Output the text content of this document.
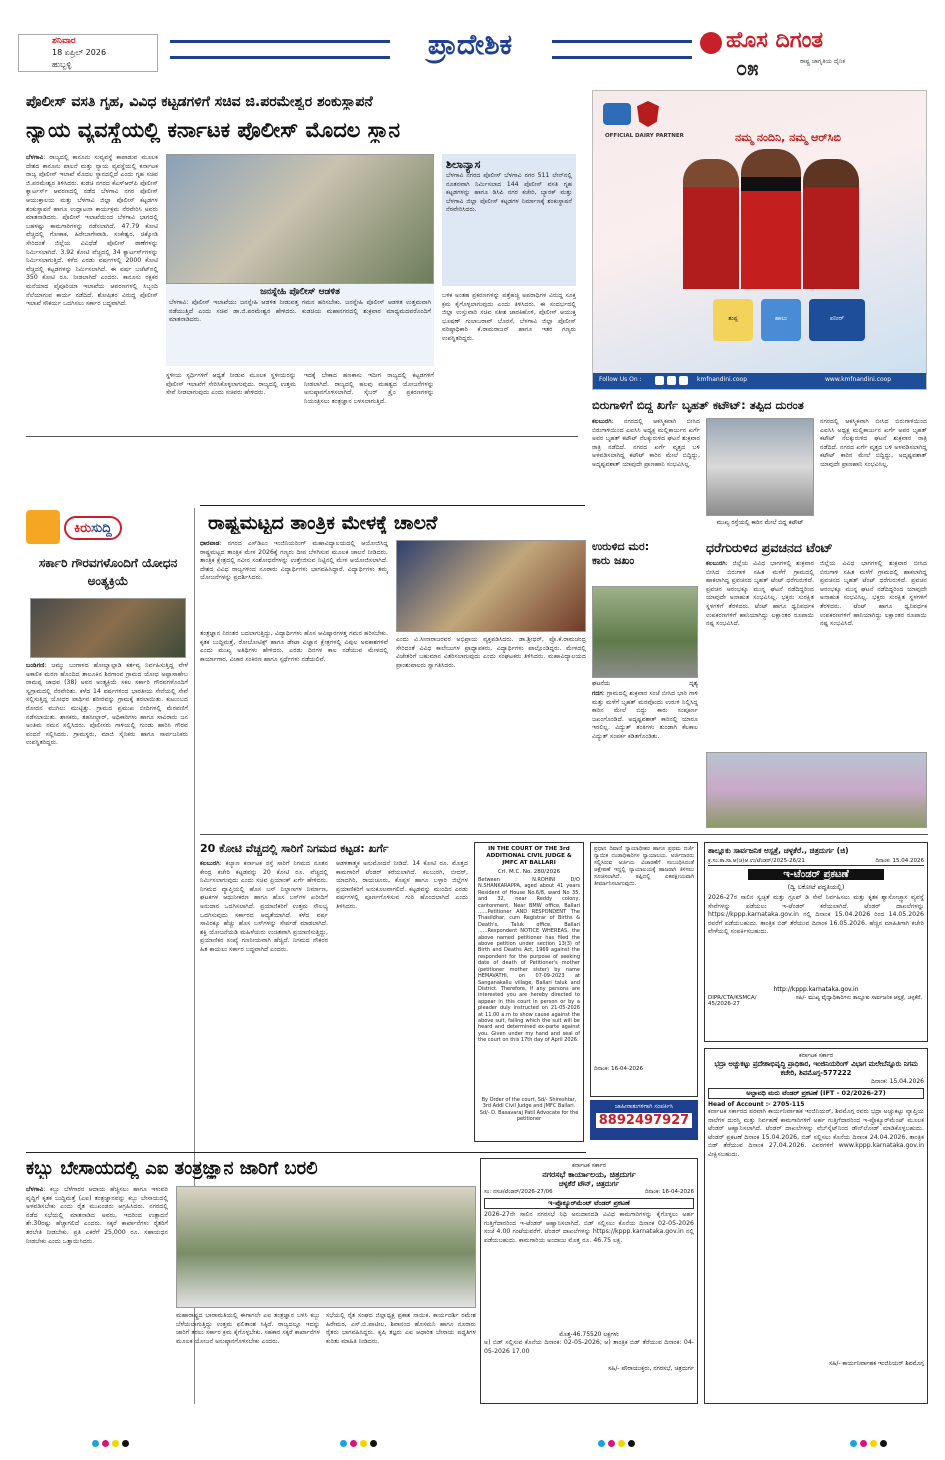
ಶನಿವಾರ
18 ಏಪ್ರಿಲ್ 2026
ಹುಬ್ಬಳ್ಳಿ
ಪ್ರಾದೇಶಿಕ	ಹೊಸ ದಿಗಂತ
ರಾಷ್ಟ್ರ ಜಾಗೃತಿಯ ದೈನಿಕ
೦೫
ಪೊಲೀಸ್ ವಸತಿ ಗೃಹ, ವಿವಿಧ ಕಟ್ಟಡಗಳಿಗೆ ಸಚಿವ ಜಿ.ಪರಮೇಶ್ವರ ಶಂಕುಸ್ಥಾಪನೆ
ನ್ಯಾಯ ವ್ಯವಸ್ಥೆಯಲ್ಲಿ ಕರ್ನಾಟಕ ಪೊಲೀಸ್ ಮೊದಲ ಸ್ಥಾನ
ಬೆಳಗಾವಿ: ರಾಜ್ಯದಲ್ಲಿ ಕಾನೂನು ಸುವ್ಯವಸ್ಥೆ ಕಾಪಾಡುವ ಮೂಲಕ ದೇಶದ ಕಾನೂನು ಪಾಲನೆ ಮತ್ತು ನ್ಯಾಯ ವ್ಯವಸ್ಥೆಯಲ್ಲಿ ಕರ್ನಾಟಕ ರಾಜ್ಯ ಪೊಲೀಸ್ ಇಲಾಖೆ ಮೊದಲ ಸ್ಥಾನದಲ್ಲಿದೆ ಎಂದು ಗೃಹ ಸಚಿವ ಜಿ.ಪರಮೇಶ್ವರ ತಿಳಿಸಿದರು. ಕುಡಚಿ ನಗರದ ಕೆಎಸ್‌ಆರ್‌ಪಿ ಪೊಲೀಸ್ ಕ್ವಾರ್ಟರ್ಸ್ ಆವರಣದಲ್ಲಿ ನಡೆದ ಬೆಳಗಾವಿ ನಗರ ಪೊಲೀಸ್ ಆಯುಕ್ತಾಲಯ ಮತ್ತು ಬೆಳಗಾವಿ ಜಿಲ್ಲಾ ಪೊಲೀಸ್ ಕಟ್ಟಡಗಳ ಶಂಕುಸ್ಥಾಪನೆ ಹಾಗೂ ಉದ್ಘಾಟನಾ ಕಾರ್ಯಕ್ರಮ ನೆರವೇರಿಸಿ ಅವರು ಮಾತನಾಡಿದರು. ಪೊಲೀಸ್ ಇಲಾಖೆಯಿಂದ ಬೆಳಗಾವಿ ಭಾಗದಲ್ಲಿ ಬಹಳಷ್ಟು ಕಾಮಗಾರಿಗಳನ್ನು ನಡೆಸಲಾಗಿದೆ. 47.79 ಕೋಟಿ ವೆಚ್ಚದಲ್ಲಿ ಗೋಕಾಕ, ಹಿರೇಬಾಗೇವಾಡಿ, ಸಂಕೇಶ್ವರ, ಚಿಕ್ಕೋಡಿ ಸೇರಿದಂತೆ ಜಿಲ್ಲೆಯ ವಿವಿಧೆಡೆ ಪೊಲೀಸ್ ಠಾಣೆಗಳನ್ನು ನಿರ್ಮಿಸಲಾಗಿದೆ. 3.92 ಕೋಟಿ ವೆಚ್ಚದಲ್ಲಿ 34 ಕ್ವಾರ್ಟರ್ಸ್‌ಗಳನ್ನು ನಿರ್ಮಿಸಲಾಗುತ್ತಿದೆ. ಕಳೆದ ಎರಡು ವರ್ಷಗಳಲ್ಲಿ 2000 ಕೋಟಿ ವೆಚ್ಚದಲ್ಲಿ ಕಟ್ಟಡಗಳನ್ನು ನಿರ್ಮಿಸಲಾಗಿದೆ. ಈ ವರ್ಷ ಬಜೆಟ್‌ನಲ್ಲಿ 350 ಕೋಟಿ ರೂ. ನೀಡಲಾಗಿದೆ ಎಂದರು. ಕಾನೂನು ರಕ್ಷಕರ ಮನೆಯಾದ ಪೈಪೂರಿಯಾ ಇಲಾಖೆಯ ಆವರಣಗಳಲ್ಲಿ ಸಿಬ್ಬಂದಿ ನೆಲೆಯಾಗುವ ಕಾರ್ಯ ನಡೆದಿದೆ. ಶೋಷಿತರ ವಿರುದ್ಧ ಪೊಲೀಸ್ ಇಲಾಖೆ ಸೌಕರ್ಯ ಒದಗಿಸಲು ಸರ್ಕಾರ ಬದ್ಧವಾಗಿದೆ.
ಜನಸ್ನೇಹಿ ಪೊಲೀಸ್ ಆಡಳಿತ
ಬೆಳಗಾವಿ: ಪೊಲೀಸ್ ಇಲಾಖೆಯು ಜನಸ್ನೇಹಿ ಆಡಳಿತ ನೀಡುವತ್ತ ಗಮನ ಹರಿಸಬೇಕು. ಜನಸ್ನೇಹಿ ಪೊಲೀಸ್ ಆಡಳಿತ ಉತ್ತಮವಾಗಿ ನಡೆಯುತ್ತಿದೆ ಎಂದು ಸಚಿವ ಡಾ.ಜಿ.ಪರಮೇಶ್ವರ ಹೇಳಿದರು. ಕುಡಚಿಯ ಮಹಾನಗರದಲ್ಲಿ ಶುಕ್ರವಾರ ಮಾಧ್ಯಮದವರೊಂದಿಗೆ ಮಾತನಾಡಿದರು.
ಸ್ಥಳೀಯ ಸ್ಪರ್ಧಿಗಳಿಗೆ ಆಧ್ಯತೆ ನೀಡುವ ಮೂಲಕ ಸ್ಥಳೀಯರನ್ನು ಪೊಲೀಸ್ ಇಲಾಖೆಗೆ ಸೇರಿಸಿಕೊಳ್ಳಲಾಗುವುದು. ರಾಜ್ಯದಲ್ಲಿ ಉತ್ತಮ ಸೇವೆ ನೀಡಲಾಗುವುದು ಎಂದು ಸಚಿವರು ಹೇಳಿದರು.
ಇದಕ್ಕೆ ಬೇಕಾದ ಹಣಕಾಸು ಇದೀಗ ರಾಜ್ಯದಲ್ಲಿ ಕಟ್ಟಡಗಳಿಗೆ ನೀಡಲಾಗಿದೆ. ರಾಜ್ಯದಲ್ಲಿ ಹಲವು ಮಹತ್ವದ ಯೋಜನೆಗಳನ್ನು ಅನುಷ್ಠಾನಗೊಳಿಸಲಾಗಿದೆ. ಸೈಬರ್ ಕ್ರೈಂ ಪ್ರಕರಣಗಳನ್ನು ನಿಯಂತ್ರಿಸಲು ತಂತ್ರಜ್ಞಾನ ಬಳಸಲಾಗುತ್ತಿದೆ.
ಶಿಲಾನ್ಯಾಸ
ಬೆಳಗಾವಿ ನಗರದ ಪೊಲೀಸ್ ಬೆಳಗಾವಿ ನಗರ 511 ಲೇನ್‌ನಲ್ಲಿ ನೂತನವಾಗಿ ನಿರ್ಮಿಸಲಾದ 144 ಪೊಲೀಸ್ ವಸತಿ ಗೃಹ ಕಟ್ಟಡಗಳನ್ನು ಹಾಗೂ ಡಿಸಿಪಿ ನಗರ ಕಚೇರಿ, ಬ್ಯಾರಕ್ ಮತ್ತು ಬೆಳಗಾವಿ ಜಿಲ್ಲಾ ಪೊಲೀಸ್ ಕಟ್ಟಡಗಳ ನಿರ್ಮಾಣಕ್ಕೆ ಶಂಕುಸ್ಥಾಪನೆ ನೆರವೇರಿಸಿದರು.
ಬಳಿಕ ಅಂತಹ ಪ್ರಕರಣಗಳನ್ನು ಪತ್ತೆಹಚ್ಚಿ ಅಪರಾಧಿಗಳ ವಿರುದ್ಧ ಸೂಕ್ತ ಕ್ರಮ ಕೈಗೊಳ್ಳಲಾಗುವುದು ಎಂದು ತಿಳಿಸಿದರು. ಈ ಸಂದರ್ಭದಲ್ಲಿ ಜಿಲ್ಲಾ ಉಸ್ತುವಾರಿ ಸಚಿವ ಸತೀಶ ಜಾರಕಿಹೊಳಿ, ಪೊಲೀಸ್ ಆಯುಕ್ತ ಭೂಷಣ್ ಗುಲಾಬರಾವ್ ಬೊರಸೆ, ಬೆಳಗಾವಿ ಜಿಲ್ಲಾ ಪೊಲೀಸ್ ವರಿಷ್ಠಾಧಿಕಾರಿ ಕೆ.ರಾಮರಾಜನ್ ಹಾಗೂ ಇತರ ಗಣ್ಯರು ಉಪಸ್ಥಿತರಿದ್ದರು.
ನಮ್ಮ ನಂದಿನಿ, ನಮ್ಮ ಆರ್‌ಸಿಬಿ
OFFICIAL DAIRY PARTNER
ತುಪ್ಪ	ಹಾಲು	ಪನೀರ್
Follow Us On :	kmfnandini.coop	www.kmfnandini.coop
ಬಿರುಗಾಳಿಗೆ ಬಿದ್ದ ಖರ್ಗೆ ಬೃಹತ್ ಕಟೌಟ್: ತಪ್ಪಿದ ದುರಂತ
ಕಲಬುರಗಿ: ನಗರದಲ್ಲಿ ಆಕಸ್ಮಿಕವಾಗಿ ಬೀಸಿದ ಬಿರುಗಾಳಿಯಿಂದ ಎಐಸಿಸಿ ಅಧ್ಯಕ್ಷ ಮಲ್ಲಿಕಾರ್ಜುನ ಖರ್ಗೆ ಅವರ ಬೃಹತ್ ಕಟೌಟ್ ನೆಲಕ್ಕುರುಳಿದ ಘಟನೆ ಶುಕ್ರವಾರ ರಾತ್ರಿ ನಡೆದಿದೆ. ನಗರದ ಖರ್ಗೆ ವೃತ್ತದ ಬಳಿ ಅಳವಡಿಸಲಾಗಿದ್ದ ಕಟೌಟ್ ಕಾರಿನ ಮೇಲೆ ಬಿದ್ದಿದ್ದು, ಅದೃಷ್ಟವಶಾತ್ ಯಾವುದೇ ಪ್ರಾಣಹಾನಿ ಸಂಭವಿಸಿಲ್ಲ.
ನಗರದಲ್ಲಿ ಆಕಸ್ಮಿಕವಾಗಿ ಬೀಸಿದ ಬಿರುಗಾಳಿಯಿಂದ ಎಐಸಿಸಿ ಅಧ್ಯಕ್ಷ ಮಲ್ಲಿಕಾರ್ಜುನ ಖರ್ಗೆ ಅವರ ಬೃಹತ್ ಕಟೌಟ್ ನೆಲಕ್ಕುರುಳಿದ ಘಟನೆ ಶುಕ್ರವಾರ ರಾತ್ರಿ ನಡೆದಿದೆ. ನಗರದ ಖರ್ಗೆ ವೃತ್ತದ ಬಳಿ ಅಳವಡಿಸಲಾಗಿದ್ದ ಕಟೌಟ್ ಕಾರಿನ ಮೇಲೆ ಬಿದ್ದಿದ್ದು, ಅದೃಷ್ಟವಶಾತ್ ಯಾವುದೇ ಪ್ರಾಣಹಾನಿ ಸಂಭವಿಸಿಲ್ಲ.
ಮುಖ್ಯ ರಸ್ತೆಯಲ್ಲಿ ಕಾರಿನ ಮೇಲೆ ಬಿದ್ದ ಕಟೌಟ್
ಕಿರು ಸುದ್ದಿ
ಸರ್ಕಾರಿ ಗೌರವಗಳೊಂದಿಗೆ ಯೋಧನ ಅಂತ್ಯಕ್ರಿಯೆ
ಬಂಡಿಗಣಿ: ಜಮ್ಮು ಬಂಗಾಳದ ಹೋಲ್ವಾಲ್ಪಾಡಿ ಕರ್ತವ್ಯ ನಿರ್ವಹಿಸುತ್ತಿದ್ದ ವೇಳೆ ಅಕಾಲಿಕ ಮರಣ ಹೊಂದಿದ ತಾಲೂಕಿನ ಶಿರಗಾಂವ ಗ್ರಾಮದ ಯೋಧ ಅಪ್ಪಾಸಾಹೇಬ ರಾಮಪ್ಪ ಜಾಧವ (38) ಅವರ ಅಂತ್ಯಕ್ರಿಯೆ ಸಕಲ ಸರ್ಕಾರಿ ಗೌರವಗಳೊಂದಿಗೆ ಸ್ವಗ್ರಾಮದಲ್ಲಿ ನೆರವೇರಿತು. ಕಳೆದ 14 ವರ್ಷಗಳಿಂದ ಭಾರತೀಯ ಸೇನೆಯಲ್ಲಿ ಸೇವೆ ಸಲ್ಲಿಸುತ್ತಿದ್ದ ಯೋಧರ ಪಾರ್ಥಿವ ಶರೀರವನ್ನು ಗ್ರಾಮಕ್ಕೆ ತರಲಾಯಿತು. ಕುಟುಂಬದ ರೋದನ ಮುಗಿಲು ಮುಟ್ಟಿತ್ತು. ಗ್ರಾಮದ ಪ್ರಮುಖ ಬೀದಿಗಳಲ್ಲಿ ಮೆರವಣಿಗೆ ನಡೆಸಲಾಯಿತು. ಶಾಸಕರು, ತಹಸೀಲ್ದಾರ್, ಅಧಿಕಾರಿಗಳು ಹಾಗೂ ಸಾವಿರಾರು ಜನ ಅಂತಿಮ ನಮನ ಸಲ್ಲಿಸಿದರು. ಪೊಲೀಸರು ಗಾಳಿಯಲ್ಲಿ ಗುಂಡು ಹಾರಿಸಿ ಗೌರವ ವಂದನೆ ಸಲ್ಲಿಸಿದರು. ಗ್ರಾಮಸ್ಥರು, ಮಾಜಿ ಸೈನಿಕರು ಹಾಗೂ ಸಾರ್ವಜನಿಕರು ಉಪಸ್ಥಿತರಿದ್ದರು.
ರಾಷ್ಟ್ರಮಟ್ಟದ ತಾಂತ್ರಿಕ ಮೇಳಕ್ಕೆ ಚಾಲನೆ
ಧಾರವಾಡ: ನಗರದ ಎಸ್‌ಡಿಎಂ ಇಂಜಿನಿಯರಿಂಗ್ ಮಹಾವಿದ್ಯಾಲಯದಲ್ಲಿ ಆಯೋಜಿಸಿದ್ದ ರಾಷ್ಟ್ರಮಟ್ಟದ ತಾಂತ್ರಿಕ ಮೇಳ 2026ಕ್ಕೆ ಗಣ್ಯರು ದೀಪ ಬೆಳಗಿಸುವ ಮೂಲಕ ಚಾಲನೆ ನೀಡಿದರು. ತಾಂತ್ರಿಕ ಕ್ಷೇತ್ರದಲ್ಲಿ ನವೀನ ಸಂಶೋಧನೆಗಳನ್ನು ಉತ್ತೇಜಿಸುವ ನಿಟ್ಟಿನಲ್ಲಿ ಮೇಳ ಆಯೋಜಿಸಲಾಗಿದೆ. ದೇಶದ ವಿವಿಧ ರಾಜ್ಯಗಳಿಂದ ನೂರಾರು ವಿದ್ಯಾರ್ಥಿಗಳು ಭಾಗವಹಿಸಿದ್ದಾರೆ. ವಿದ್ಯಾರ್ಥಿಗಳು ತಮ್ಮ ಯೋಜನೆಗಳನ್ನು ಪ್ರದರ್ಶಿಸಿದರು.
ತಂತ್ರಜ್ಞಾನ ನಿರಂತರ ಬದಲಾಗುತ್ತಿದ್ದು, ವಿದ್ಯಾರ್ಥಿಗಳು ಹೊಸ ಆವಿಷ್ಕಾರಗಳತ್ತ ಗಮನ ಹರಿಸಬೇಕು. ಕೃತಕ ಬುದ್ಧಿಮತ್ತೆ, ರೋಬೋಟಿಕ್ಸ್ ಹಾಗೂ ಡೇಟಾ ವಿಜ್ಞಾನ ಕ್ಷೇತ್ರಗಳಲ್ಲಿ ವಿಪುಲ ಅವಕಾಶಗಳಿವೆ ಎಂದು ಮುಖ್ಯ ಅತಿಥಿಗಳು ಹೇಳಿದರು. ಎರಡು ದಿನಗಳ ಕಾಲ ನಡೆಯುವ ಮೇಳದಲ್ಲಿ ಕಾರ್ಯಾಗಾರ, ವಿಚಾರ ಸಂಕಿರಣ ಹಾಗೂ ಸ್ಪರ್ಧೆಗಳು ನಡೆಯಲಿವೆ.
ಎಂದು ವಿ.ಸೀನಾರಾಜರವರ ಅಭಿಪ್ರಾಯ ವ್ಯಕ್ತಪಡಿಸಿದರು. ಡಾ.ಶ್ರೀಧರ್, ಪ್ರೊ.ಕೆ.ರಾಮಚಂದ್ರ ಸೇರಿದಂತೆ ವಿವಿಧ ಕಾಲೇಜುಗಳ ಪ್ರಾಧ್ಯಾಪಕರು, ವಿದ್ಯಾರ್ಥಿಗಳು ಪಾಲ್ಗೊಂಡಿದ್ದರು. ಮೇಳದಲ್ಲಿ ವಿಜೇತರಿಗೆ ಬಹುಮಾನ ವಿತರಿಸಲಾಗುವುದು ಎಂದು ಸಂಘಟಕರು ತಿಳಿಸಿದರು. ಮಹಾವಿದ್ಯಾಲಯದ ಪ್ರಾಂಶುಪಾಲರು ಸ್ವಾಗತಿಸಿದರು.
ಉರುಳಿದ ಮರ:
ಕಾರು ಜಖಂ
ಘಟನೆಯ	ದೃಶ್ಯ
ಗದಗ: ಗ್ರಾಮದಲ್ಲಿ ಶುಕ್ರವಾರ ಸಂಜೆ ಬೀಸಿದ ಭಾರಿ ಗಾಳಿ ಮತ್ತು ಮಳೆಗೆ ಬೃಹತ್ ಮರವೊಂದು ಉರುಳಿ ನಿಲ್ಲಿಸಿದ್ದ ಕಾರಿನ ಮೇಲೆ ಬಿದ್ದು ಕಾರು ಸಂಪೂರ್ಣ ಜಖಂಗೊಂಡಿದೆ. ಅದೃಷ್ಟವಶಾತ್ ಕಾರಿನಲ್ಲಿ ಯಾರೂ ಇರಲಿಲ್ಲ. ವಿದ್ಯುತ್ ತಂತಿಗಳು ತುಂಡಾಗಿ ಕೆಲಕಾಲ ವಿದ್ಯುತ್ ಸಂಪರ್ಕ ಕಡಿತಗೊಂಡಿತು.
ಧರೆಗುರುಳಿದ ಪ್ರವಚನದ ಟೆಂಟ್
ಕಲಬುರಗಿ: ಜಿಲ್ಲೆಯ ವಿವಿಧ ಭಾಗಗಳಲ್ಲಿ ಶುಕ್ರವಾರ ಬೀಸಿದ ಬಿರುಗಾಳಿ ಸಹಿತ ಮಳೆಗೆ ಗ್ರಾಮದಲ್ಲಿ ಹಾಕಲಾಗಿದ್ದ ಪ್ರವಚನದ ಬೃಹತ್ ಟೆಂಟ್ ಧರೆಗುರುಳಿದೆ. ಪ್ರವಚನ ಆರಂಭಕ್ಕೂ ಮುನ್ನ ಘಟನೆ ನಡೆದಿದ್ದರಿಂದ ಯಾವುದೇ ಅನಾಹುತ ಸಂಭವಿಸಿಲ್ಲ. ಭಕ್ತರು ಸುರಕ್ಷಿತ ಸ್ಥಳಗಳಿಗೆ ತೆರಳಿದರು. ಟೆಂಟ್ ಹಾಗೂ ಧ್ವನಿವರ್ಧಕ ಉಪಕರಣಗಳಿಗೆ ಹಾನಿಯಾಗಿದ್ದು ಲಕ್ಷಾಂತರ ರೂಪಾಯಿ ನಷ್ಟ ಸಂಭವಿಸಿದೆ.
ಜಿಲ್ಲೆಯ ವಿವಿಧ ಭಾಗಗಳಲ್ಲಿ ಶುಕ್ರವಾರ ಬೀಸಿದ ಬಿರುಗಾಳಿ ಸಹಿತ ಮಳೆಗೆ ಗ್ರಾಮದಲ್ಲಿ ಹಾಕಲಾಗಿದ್ದ ಪ್ರವಚನದ ಬೃಹತ್ ಟೆಂಟ್ ಧರೆಗುರುಳಿದೆ. ಪ್ರವಚನ ಆರಂಭಕ್ಕೂ ಮುನ್ನ ಘಟನೆ ನಡೆದಿದ್ದರಿಂದ ಯಾವುದೇ ಅನಾಹುತ ಸಂಭವಿಸಿಲ್ಲ. ಭಕ್ತರು ಸುರಕ್ಷಿತ ಸ್ಥಳಗಳಿಗೆ ತೆರಳಿದರು. ಟೆಂಟ್ ಹಾಗೂ ಧ್ವನಿವರ್ಧಕ ಉಪಕರಣಗಳಿಗೆ ಹಾನಿಯಾಗಿದ್ದು ಲಕ್ಷಾಂತರ ರೂಪಾಯಿ ನಷ್ಟ ಸಂಭವಿಸಿದೆ.
20 ಕೋಟಿ ವೆಚ್ಚದಲ್ಲಿ ಸಾರಿಗೆ ನಿಗಮದ ಕಟ್ಟಡ: ಖರ್ಗೆ
ಕಲಬುರಗಿ: ಕಲ್ಯಾಣ ಕರ್ನಾಟಕ ರಸ್ತೆ ಸಾರಿಗೆ ನಿಗಮದ ನೂತನ ಕೇಂದ್ರ ಕಚೇರಿ ಕಟ್ಟಡವನ್ನು 20 ಕೋಟಿ ರೂ. ವೆಚ್ಚದಲ್ಲಿ ನಿರ್ಮಿಸಲಾಗುವುದು ಎಂದು ಸಚಿವ ಪ್ರಿಯಾಂಕ್ ಖರ್ಗೆ ಹೇಳಿದರು. ನಿಗಮದ ವ್ಯಾಪ್ತಿಯಲ್ಲಿ ಹೊಸ ಬಸ್ ನಿಲ್ದಾಣಗಳ ನಿರ್ಮಾಣ, ಘಟಕಗಳ ಆಧುನೀಕರಣ ಹಾಗೂ ಹೊಸ ಬಸ್‌ಗಳ ಖರೀದಿಗೆ ಅನುದಾನ ಒದಗಿಸಲಾಗಿದೆ. ಪ್ರಯಾಣಿಕರಿಗೆ ಉತ್ತಮ ಸೌಲಭ್ಯ ಒದಗಿಸುವುದು ಸರ್ಕಾರದ ಆದ್ಯತೆಯಾಗಿದೆ. ಕಳೆದ ವರ್ಷ ಸಾವಿರಕ್ಕೂ ಹೆಚ್ಚು ಹೊಸ ಬಸ್‌ಗಳನ್ನು ಸೇರ್ಪಡೆ ಮಾಡಲಾಗಿದೆ. ಶಕ್ತಿ ಯೋಜನೆಯಡಿ ಮಹಿಳೆಯರು ಉಚಿತವಾಗಿ ಪ್ರಯಾಣಿಸುತ್ತಿದ್ದು, ಪ್ರಯಾಣಿಕರ ಸಂಖ್ಯೆ ಗಣನೀಯವಾಗಿ ಹೆಚ್ಚಿದೆ. ನಿಗಮದ ನೌಕರರ ಹಿತ ಕಾಯಲು ಸರ್ಕಾರ ಬದ್ಧವಾಗಿದೆ ಎಂದರು.
ಆಡಳಿತಾತ್ಮಕ ಅನುಮೋದನೆ ನೀಡಿದೆ. 14 ಕೋಟಿ ರೂ. ಮೊತ್ತದ ಕಾಮಗಾರಿಗೆ ಟೆಂಡರ್ ಕರೆಯಲಾಗಿದೆ. ಕಲಬುರಗಿ, ಬೀದರ್, ಯಾದಗಿರಿ, ರಾಯಚೂರು, ಕೊಪ್ಪಳ ಹಾಗೂ ಬಳ್ಳಾರಿ ಜಿಲ್ಲೆಗಳ ಪ್ರಯಾಣಿಕರಿಗೆ ಅನುಕೂಲವಾಗಲಿದೆ. ಕಟ್ಟಡವನ್ನು ಮುಂದಿನ ಎರಡು ವರ್ಷಗಳಲ್ಲಿ ಪೂರ್ಣಗೊಳಿಸುವ ಗುರಿ ಹೊಂದಲಾಗಿದೆ ಎಂದು ತಿಳಿಸಿದರು.
IN THE COURT OF THE 3rd ADDITIONAL CIVIL JUDGE & JMFC AT BALLARI
Crl. M.C. No. 280/2026
Between : N.ROHINI D/O N.SHANKARAPPA, aged about 41 years Resident of House No.6/8, ward No 35, and 32, near Reddy colony, cantonment, Near BMW office, Ballari ......Petitioner AND RESPONDENT The Thasildhar, cum Registrar of Births & Death's, Taluk office, Ballari ......Respondent NOTICE WHEREAS, the above named petitioner has filed the above petition under section 13(3) of Birth and Deaths Act, 1969 against the respondent for the purpose of seeking date of death of Petitioner's mother (petitioner mother sister) by name HEMAVATHI, on 07-09-2023 at Sanganakallu village, Ballari taluk and District. Therefore, If any persons are interested you are hereby directed to appear in this court in person or by a pleader duly instructed on 21-05-2026 at 11.00 a.m to show cause against the above suit, failing which the suit will be heard and determined ex-parte against you. Given under my hand and seal of the court on this 17th day of April 2026.
By Order of the court, Sd/- Shireshtar, 3rd Addl Civil Judge and JMFC Ballari. Sd/- D. Basavaraj Patil Advocate for the petitioner
ಪ್ರಧಾನ ದಿವಾಣಿ ನ್ಯಾಯಾಧೀಶರ ಹಾಗೂ ಪ್ರಥಮ ದರ್ಜೆ ನ್ಯಾಯಿಕ ದಂಡಾಧಿಕಾರಿಗಳ ನ್ಯಾಯಾಲಯ. ಅರ್ಜಿದಾರರು ಸಲ್ಲಿಸಿರುವ ಅರ್ಜಿಯ ವಿಚಾರಣೆಗೆ ಸಂಬಂಧಿಸಿದಂತೆ ಆಕ್ಷೇಪಣೆ ಇದ್ದಲ್ಲಿ ನ್ಯಾಯಾಲಯಕ್ಕೆ ಹಾಜರಾಗಿ ತಿಳಿಸಲು ಸೂಚಿಸಲಾಗಿದೆ. ತಪ್ಪಿದಲ್ಲಿ ಏಕಪಕ್ಷೀಯವಾಗಿ ತೀರ್ಮಾನಿಸಲಾಗುವುದು.
ದಿನಾಂಕ: 16-04-2026
ಜಾಹೀರಾತುಗಳಿಗಾಗಿ ಸಂಪರ್ಕಿಸಿ
8892497927
ತಾಲ್ಲೂಕು ಸಾರ್ವಜನಿಕ ಆಸ್ಪತ್ರೆ, ಚಳ್ಳಕೆರೆ., ಚಿತ್ರದುರ್ಗ (ಜಿ)
ಕ್ರ.ಸಂ.ತಾ.ಸಾ.ಆ(ಚ)ಆ.ಉ/ಟೆಂಡರ್/2025-26/21	ದಿನಾಂಕ: 15.04.2026
ಇ-ಟೆಂಡರ್ ಪ್ರಕಟಣೆ
(ದ್ವಿ ಲಕೋಟೆ ಪದ್ಧತಿಯಲ್ಲಿ)
2026-27ರ ಸಾಲಿನ ಸ್ವಚ್ಛತೆ ಮತ್ತು ಗ್ರೂಪ್ ಡಿ ಸೇವೆ ನಿರ್ವಹಿಸಲು ಮತ್ತು ಕೃತಕ ಶ್ವಾಸೋಚ್ಛ್ವಾಸ ವ್ಯವಸ್ಥೆ ಸೇವೆಗಳನ್ನು ಪಡೆಯಲು ಇ-ಟೆಂಡರ್ ಕರೆಯಲಾಗಿದೆ. ಟೆಂಡರ್ ದಾಖಲೆಗಳನ್ನು https://kppp.karnataka.gov.in ನಲ್ಲಿ ದಿನಾಂಕ 15.04.2026 ರಿಂದ 14.05.2026 ರವರೆಗೆ ಪಡೆಯಬಹುದು. ತಾಂತ್ರಿಕ ಬಿಡ್ ತೆರೆಯುವ ದಿನಾಂಕ 16.05.2026. ಹೆಚ್ಚಿನ ಮಾಹಿತಿಗಾಗಿ ಕಚೇರಿ ವೇಳೆಯಲ್ಲಿ ಸಂಪರ್ಕಿಸಬಹುದು.
http://kppp.karnataka.gov.in
DIPR/CTA/KSMCA/ 45/2026-27
ಸಹಿ/- ಮುಖ್ಯ ವೈದ್ಯಾಧಿಕಾರಿಗಳು ತಾಲ್ಲೂಕು ಸಾರ್ವಜನಿಕ ಆಸ್ಪತ್ರೆ, ಚಳ್ಳಕೆರೆ.
ಕರ್ನಾಟಕ ಸರ್ಕಾರ
ಭದ್ರಾ ಅಚ್ಚುಕಟ್ಟು ಪ್ರದೇಶಾಭಿವೃದ್ಧಿ ಪ್ರಾಧಿಕಾರ, ಇಂಜಿನಿಯರಿಂಗ್ ವಿಭಾಗ ಮಲೇಬೆನ್ನೂರು ನಿಗಮ ಕಚೇರಿ, ಶಿವಮೊಗ್ಗ-577222
ದಿನಾಂಕ: 15.04.2026
ಅಲ್ಪಾವಧಿ ಮರು ಟೆಂಡರ್ ಪ್ರಕಟಣೆ (IFT - 02/2026-27)
Head of Account :- 2705-115
ಕರ್ನಾಟಕ ಸರ್ಕಾರದ ಪರವಾಗಿ ಕಾರ್ಯನಿರ್ವಾಹಕ ಇಂಜಿನಿಯರ್, ಶಿವಮೊಗ್ಗ ರವರು ಭದ್ರಾ ಅಚ್ಚುಕಟ್ಟು ವ್ಯಾಪ್ತಿಯ ನಾಲೆಗಳ ದುರಸ್ತಿ ಮತ್ತು ನಿರ್ವಹಣೆ ಕಾಮಗಾರಿಗಳಿಗೆ ಅರ್ಹ ಗುತ್ತಿಗೆದಾರರಿಂದ ಇ-ಪ್ರೊಕ್ಯೂರ್‌ಮೆಂಟ್ ಮೂಲಕ ಟೆಂಡರ್ ಆಹ್ವಾನಿಸಲಾಗಿದೆ. ಟೆಂಡರ್ ದಾಖಲೆಗಳನ್ನು ವೆಬ್‌ಸೈಟ್‌ನಿಂದ ಡೌನ್‌ಲೋಡ್ ಮಾಡಿಕೊಳ್ಳಬಹುದು. ಟೆಂಡರ್ ಪ್ರಕಟಣೆ ದಿನಾಂಕ 15.04.2026, ಬಿಡ್ ಸಲ್ಲಿಸಲು ಕೊನೆಯ ದಿನಾಂಕ 24.04.2026, ತಾಂತ್ರಿಕ ಬಿಡ್ ತೆರೆಯುವ ದಿನಾಂಕ 27.04.2026. ವಿವರಗಳಿಗೆ www.kppp.karnataka.gov.in ವೀಕ್ಷಿಸಬಹುದು.
ಸಹಿ/- ಕಾರ್ಯನಿರ್ವಾಹಕ ಇಂಜಿನಿಯರ್ ಶಿವಮೊಗ್ಗ
ಕಬ್ಬು ಬೇಸಾಯದಲ್ಲಿ ಎಐ ತಂತ್ರಜ್ಞಾನ ಜಾರಿಗೆ ಬರಲಿ
ಬೆಳಗಾವಿ: ಕಬ್ಬು ಬೆಳೆಗಾರರ ಆದಾಯ ಹೆಚ್ಚಿಸಲು ಹಾಗೂ ಇಳುವರಿ ವೃದ್ಧಿಗೆ ಕೃತಕ ಬುದ್ಧಿಮತ್ತೆ (ಎಐ) ತಂತ್ರಜ್ಞಾನವನ್ನು ಕಬ್ಬು ಬೇಸಾಯದಲ್ಲಿ ಅಳವಡಿಸಬೇಕು ಎಂದು ರೈತ ಮುಖಂಡರು ಆಗ್ರಹಿಸಿದರು. ನಗರದಲ್ಲಿ ನಡೆದ ಸಭೆಯಲ್ಲಿ ಮಾತನಾಡಿದ ಅವರು, ಇದರಿಂದ ಉತ್ಪಾದನೆ ಶೇ.30ರಷ್ಟು ಹೆಚ್ಚಾಗಲಿದೆ ಎಂದರು. ಸಕ್ಕರೆ ಕಾರ್ಖಾನೆಗಳು ರೈತರಿಗೆ ತರಬೇತಿ ನೀಡಬೇಕು. ಪ್ರತಿ ಎಕರೆಗೆ 25,000 ರೂ. ಸಹಾಯಧನ ನೀಡಬೇಕು ಎಂದು ಒತ್ತಾಯಿಸಿದರು.
ಮಹಾರಾಷ್ಟ್ರದ ಬಾರಾಮತಿಯಲ್ಲಿ ಈಗಾಗಲೇ ಎಐ ತಂತ್ರಜ್ಞಾನ ಬಳಸಿ ಕಬ್ಬು ಬೆಳೆಯಲಾಗುತ್ತಿದ್ದು ಉತ್ತಮ ಫಲಿತಾಂಶ ಸಿಕ್ಕಿದೆ. ರಾಜ್ಯದಲ್ಲೂ ಇದನ್ನು ಜಾರಿಗೆ ತರಲು ಸರ್ಕಾರ ಕ್ರಮ ಕೈಗೊಳ್ಳಬೇಕು. ಸಹಕಾರ ಸಕ್ಕರೆ ಕಾರ್ಖಾನೆಗಳ ಮೂಲಕ ಯೋಜನೆ ಅನುಷ್ಠಾನಗೊಳಿಸಬೇಕು ಎಂದರು.
ಸಭೆಯಲ್ಲಿ ರೈತ ಸಂಘದ ಜಿಲ್ಲಾಧ್ಯಕ್ಷ ಪ್ರಕಾಶ ನಾಯಿಕ, ಕಾರ್ಯದರ್ಶಿ ರಮೇಶ ಹಿರೇಮಠ, ಎಸ್.ಬಿ.ಪಾಟೀಲ, ಶಿವಾನಂದ ಹೊಸಮನಿ ಹಾಗೂ ನೂರಾರು ರೈತರು ಭಾಗವಹಿಸಿದ್ದರು. ಕೃಷಿ ತಜ್ಞರು ಎಐ ಆಧಾರಿತ ಬೇಸಾಯ ಪದ್ಧತಿಗಳ ಕುರಿತು ಮಾಹಿತಿ ನೀಡಿದರು.
ಕರ್ನಾಟಕ ಸರ್ಕಾರ
ನಗರಸಭೆ ಕಾರ್ಯಾಲಯ, ಚಿತ್ರದುರ್ಗ
ಚಳ್ಳಕೆರೆ ಟೌನ್, ಚಿತ್ರದುರ್ಗ
ಸಂ: ನಸಚ/ಟೆಂಡರ್/2026-27/06	ದಿನಾಂಕ: 16-04-2026
ಇ-ಪ್ರೊಕ್ಯೂರ್‌ಮೆಂಟ್ ಟೆಂಡರ್ ಪ್ರಕಟಣೆ
2026-27ನೇ ಸಾಲಿನ ನಗರಸಭೆ ನಿಧಿ ಅನುದಾನದಡಿ ವಿವಿಧ ಕಾಮಗಾರಿಗಳನ್ನು ಕೈಗೊಳ್ಳಲು ಅರ್ಹ ಗುತ್ತಿಗೆದಾರರಿಂದ ಇ-ಟೆಂಡರ್ ಆಹ್ವಾನಿಸಲಾಗಿದೆ. ಬಿಡ್ ಸಲ್ಲಿಸಲು ಕೊನೆಯ ದಿನಾಂಕ 02-05-2026 ಸಂಜೆ 4.00 ಗಂಟೆಯವರೆಗೆ. ಟೆಂಡರ್ ದಾಖಲೆಗಳನ್ನು https://kppp.karnataka.gov.in ನಲ್ಲಿ ಪಡೆಯಬಹುದು. ಕಾಮಗಾರಿಯ ಅಂದಾಜು ಮೊತ್ತ ರೂ. 46.75 ಲಕ್ಷ.
ಮೊತ್ತ-46.75520 ಲಕ್ಷಗಳು
ಅ) ಬಿಡ್ ಸಲ್ಲಿಸುವ ಕೊನೆಯ ದಿನಾಂಕ: 02-05-2026; ಆ) ತಾಂತ್ರಿಕ ಬಿಡ್ ತೆರೆಯುವ ದಿನಾಂಕ: 04-05-2026 17.00
ಸಹಿ/- ಪೌರಾಯುಕ್ತರು, ನಗರಸಭೆ, ಚಿತ್ರದುರ್ಗ
